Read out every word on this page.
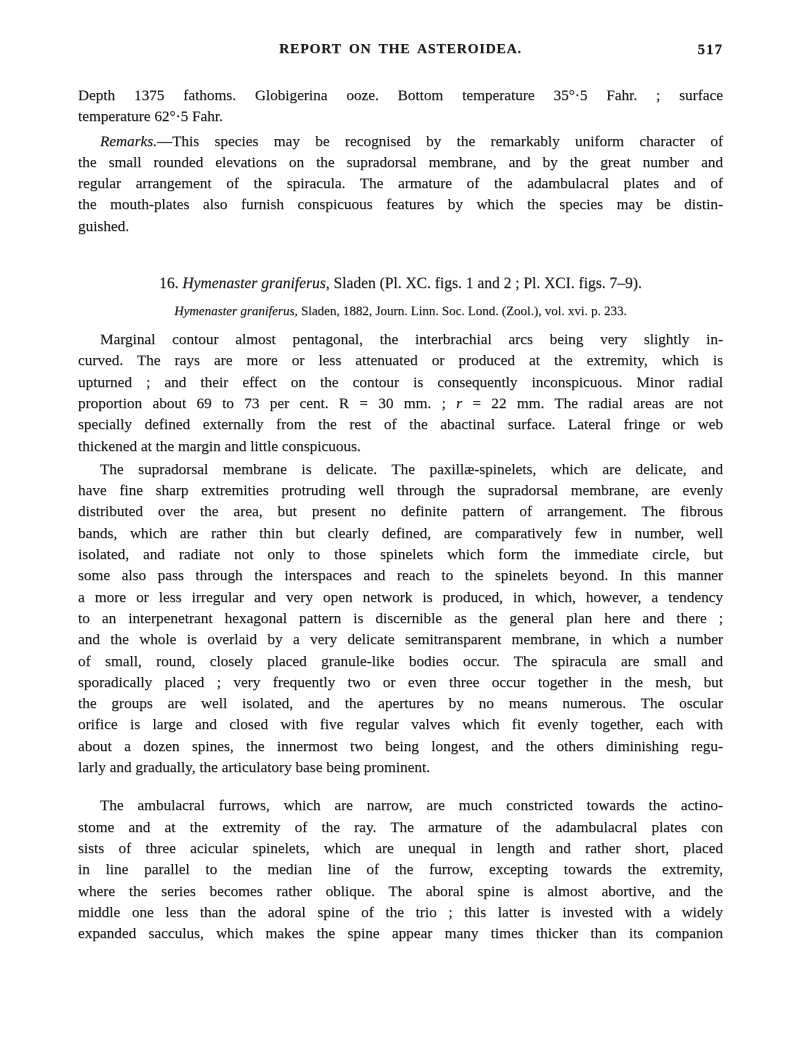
REPORT ON THE ASTEROIDEA.	517
Depth 1375 fathoms. Globigerina ooze. Bottom temperature 35°·5 Fahr. ; surface
temperature 62°·5 Fahr.
Remarks.—This species may be recognised by the remarkably uniform character of
the small rounded elevations on the supradorsal membrane, and by the great number and
regular arrangement of the spiracula. The armature of the adambulacral plates and of
the mouth-plates also furnish conspicuous features by which the species may be distin-
guished.
16. Hymenaster graniferus, Sladen (Pl. XC. figs. 1 and 2 ; Pl. XCI. figs. 7–9).
Hymenaster graniferus, Sladen, 1882, Journ. Linn. Soc. Lond. (Zool.), vol. xvi. p. 233.
Marginal contour almost pentagonal, the interbrachial arcs being very slightly in-
curved. The rays are more or less attenuated or produced at the extremity, which is
upturned ; and their effect on the contour is consequently inconspicuous. Minor radial
proportion about 69 to 73 per cent. R = 30 mm. ; r = 22 mm. The radial areas are not
specially defined externally from the rest of the abactinal surface. Lateral fringe or web
thickened at the margin and little conspicuous.
The supradorsal membrane is delicate. The paxillæ-spinelets, which are delicate, and
have fine sharp extremities protruding well through the supradorsal membrane, are evenly
distributed over the area, but present no definite pattern of arrangement. The fibrous
bands, which are rather thin but clearly defined, are comparatively few in number, well
isolated, and radiate not only to those spinelets which form the immediate circle, but
some also pass through the interspaces and reach to the spinelets beyond. In this manner
a more or less irregular and very open network is produced, in which, however, a tendency
to an interpenetrant hexagonal pattern is discernible as the general plan here and there ;
and the whole is overlaid by a very delicate semitransparent membrane, in which a number
of small, round, closely placed granule-like bodies occur. The spiracula are small and
sporadically placed ; very frequently two or even three occur together in the mesh, but
the groups are well isolated, and the apertures by no means numerous. The oscular
orifice is large and closed with five regular valves which fit evenly together, each with
about a dozen spines, the innermost two being longest, and the others diminishing regu-
larly and gradually, the articulatory base being prominent.
The ambulacral furrows, which are narrow, are much constricted towards the actino-
stome and at the extremity of the ray. The armature of the adambulacral plates con
sists of three acicular spinelets, which are unequal in length and rather short, placed
in line parallel to the median line of the furrow, excepting towards the extremity,
where the series becomes rather oblique. The aboral spine is almost abortive, and the
middle one less than the adoral spine of the trio ; this latter is invested with a widely
expanded sacculus, which makes the spine appear many times thicker than its companion
